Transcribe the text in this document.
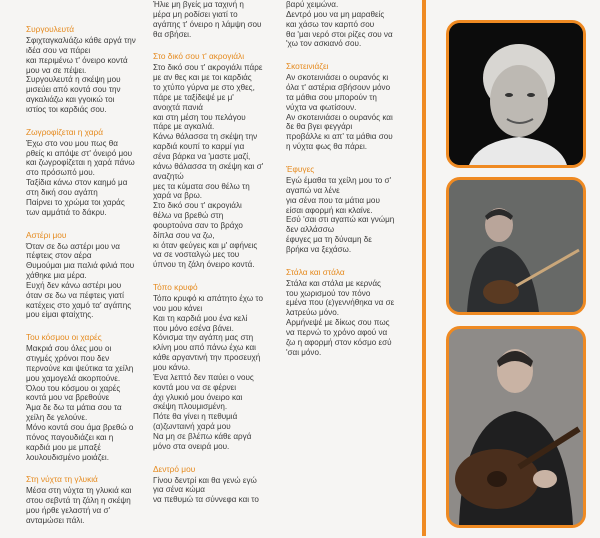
Συργουλευτά
Σφιχταγκαλιάζω κάθε αργά την
ιδέα σου να πάρει
και περιμένω τ' όνειρο κοντά
μου να σε πέψει.
Συργουλευτά η σκέψη μου
μισεύει από κοντά σου την
αγκαλιάζω και γγοικώ τοι
ιστίος τοι καρδιάς σου.
Ζωγροφίζεται η χαρά
Έχω στο νου μου πως θα
ρθείς κι απόψε στ' όνειρό μου
και ζωγροφίζεται η χαρά πάνω
στο πρόσωπό μου.
Ταξίδια κάνω στον καημό μα
στη δική σου αγάπη
Παίρνει το χρώμα τοι χαράς
των αμμάτιά το δάκρυ.
Αστέρι μου
Όταν σε δω αστέρι μου να
πέφτεις στον αέρα
Θυμούμαι μια παλιά φιλιά που
χάθηκε μια μέρα.
Ευχή δεν κάνω αστέρι μου
όταν σε δω να πέφτεις γιατί
κατέχεις στο χαμό τα' αγάπης
μου είμαι φταίχτης.
Του κόσμου οι χαρές
Μακριά σου όλες μου οι
στιγμές χρόνοι που δεν
περνούνε και ψεύτικα τα χείλη
μου χαμογελά ακορπούνε.
Όλου του κόσμου οι χαρές
κοντά μου να βρεθούνε
Άμα δε δω τα μάτια σου τα
χείλη δε γελούνε.
Μόνο κοντά σου άμα βρεθώ ο
πόνος παγουδιάζει και η
καρδιά μου με μπαξέ
λουλουδισμένο μοιάζει.
Στη νύχτα τη γλυκιά
Μέσα στη νύχτα τη γλυκιά και
στου σεβντά τη ζάλη η σκέψη
μου ήρθε γελαστή να σ'
ανταμώσει πάλι.
Ήλιε μη βγείς μα ταχινή η
μέρα μη ροδίσει γιατί το
αγάπης τ' όνειρο η λάμψη σου
θα σβήσει.
Στο δικό σου τ' ακρογιάλι
Στο δικό σου τ' ακρογιάλι πάρε
με αν θες και με τοι καρδιάς
το χτύπο γύρνα με στο χθες,
πάρε με ταξίδεψέ με μ'
ανοιχτά πανιά
και στη μέση του πελάγου
πάρε με αγκαλιά.
Κάνω θάλασσα τη σκέψη την
καρδιά κουπί το καρμί για
σένα βάρκα να 'μαστε μαζί,
κάνω θάλασσα τη σκέψη και σ'
αναζητώ
μες τα κύματα σου θέλω τη
χαρά να βρω.
Στο δικό σου τ' ακρογιάλι
θέλω να βρεθώ στη
φουρτούνα σαν το βράχο
δίπλα σου να ζω,
κι όταν φεύγεις και μ' αφήνεις
να σε νοσταλγώ μες του
ύπνου τη ζάλη όνειρο κοντά.
Τόπο κρυφό
Τόπο κρυφό κι απάτητο έχω το
νου μου κάνει
Και τη καρδιά μου ένα κελί
που μόνο εσένα βάνει.
Κόνισμα την αγάπη μας στη
κλίνη μου από πάνω έχω και
κάθε αργαντινή την προσευχή
μου κάνω.
Ένα λεπτό δεν παύει ο νους
κοντά μου να σε φέρνει
άχι γλυκιό μου όνειρο και
σκέψη πλουμισμένη.
Πότε θα γίνει η πεθυμιά
(α)ζωνταινή χαρά μου
Να μη σε βλέπω κάθε αργά
μόνο στα ονειρά μου.
Δεντρό μου
Γίνου δεντρί και θα γενώ εγώ
για σένα κώμα
να πεθυμώ τα σύννεφα και το
βαρύ χειμώνα.
Δεντρό μου να μη μαραθείς
και χάσω τον καρπό σου
θα 'μαι νερό στοι ρίζες σου να
'χω τον ασκιανό σου.
Σκοτεινιάζει
Αν σκοτεινιάσει ο ουρανός κι
όλα τ' αστέρια σβήσουν μόνο
τα μάθια σου μπορούν τη
νύχτα να φωτίσουν.
Αν σκοτεινιάσει ο ουρανός και
δε θα βγει φεγγάρι
προβάλλε κι απ' τα μάθια σου
η νύχτα φως θα πάρει.
Έφυγες
Εγώ έμαθα τα χείλη μου το σ'
αγαπώ να λένε
για σένα που τα μάτια μου
είσαι αφορμή και κλαίνε.
Εσύ 'σαι στι αγαπώ και γνώμη
δεν αλλάσσω
έφυγες μα τη δύναμη δε
βρήκα να ξεχάσω.
Στάλα και στάλα
Στάλα και στάλα με κερνάς
του χωρισμού τον πόνο
εμένα που (ε)γεννήθηκα να σε
λατρεύω μόνο.
Αρμήνεψέ με δίκως σου πως
να περνώ το χρόνο αφού να
ζω η αφορμή στον κόσμο εσύ
'σαι μόνο.
